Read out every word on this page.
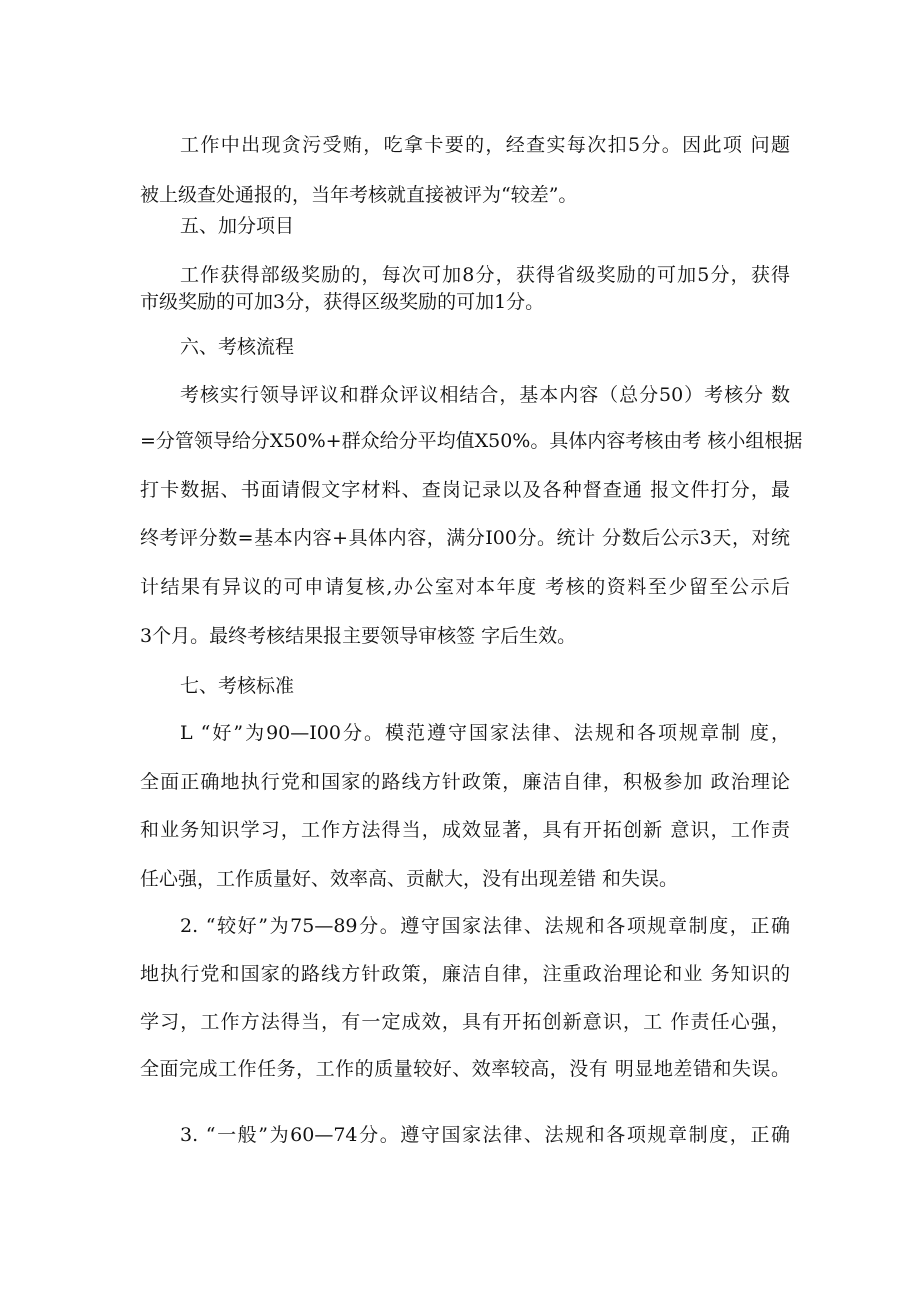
工作中出现贪污受贿，吃拿卡要的，经查实每次扣5分。因此项 问题
被上级查处通报的，当年考核就直接被评为“较差”。
五、加分项目
工作获得部级奖励的，每次可加8分，获得省级奖励的可加5分，获得
市级奖励的可加3分，获得区级奖励的可加1分。
六、考核流程
考核实行领导评议和群众评议相结合，基本内容（总分50）考核分 数
=分管领导给分X50%+群众给分平均值X50%。具体内容考核由考 核小组根据
打卡数据、书面请假文字材料、查岗记录以及各种督查通 报文件打分，最
终考评分数=基本内容+具体内容，满分I00分。统计 分数后公示3天，对统
计结果有异议的可申请复核,办公室对本年度 考核的资料至少留至公示后
3个月。最终考核结果报主要领导审核签 字后生效。
七、考核标准
L “好”为90—I00分。模范遵守国家法律、法规和各项规章制 度，
全面正确地执行党和国家的路线方针政策，廉洁自律，积极参加 政治理论
和业务知识学习，工作方法得当，成效显著，具有开拓创新 意识，工作责
任心强，工作质量好、效率高、贡献大，没有出现差错 和失误。
2. “较好”为75—89分。遵守国家法律、法规和各项规章制度，正确
地执行党和国家的路线方针政策，廉洁自律，注重政治理论和业 务知识的
学习，工作方法得当，有一定成效，具有开拓创新意识，工 作责任心强，
全面完成工作任务，工作的质量较好、效率较高，没有 明显地差错和失误。
3. “一般”为60—74分。遵守国家法律、法规和各项规章制度，正确
